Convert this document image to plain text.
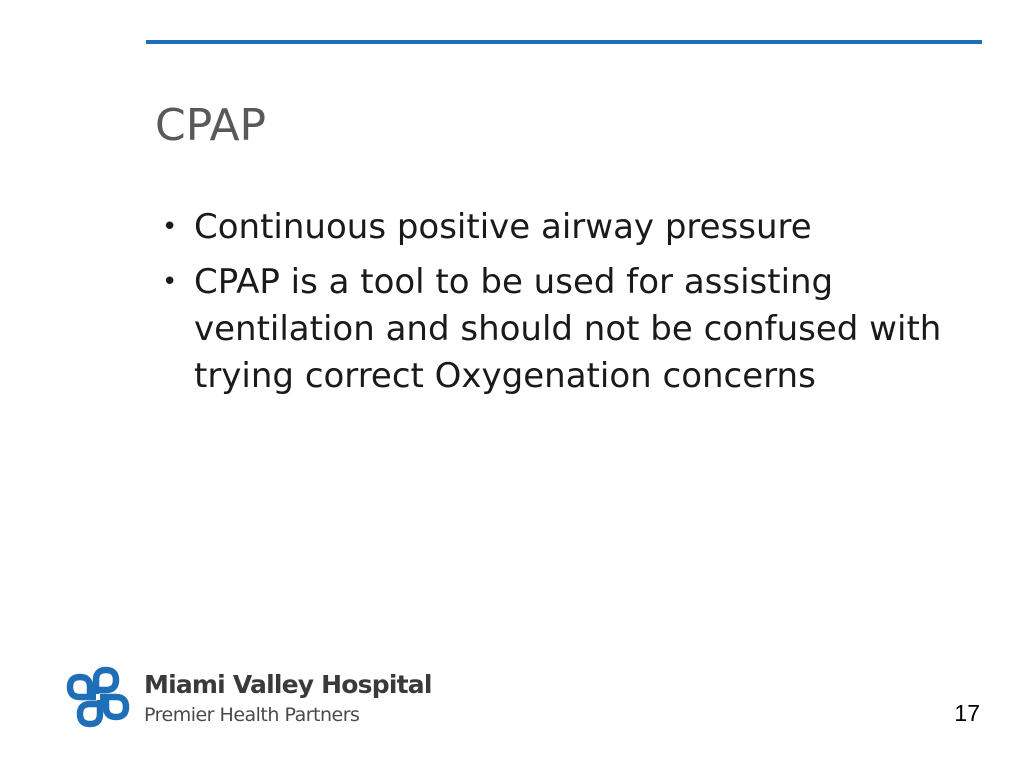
CPAP
• Continuous positive airway pressure
• CPAP is a tool to be used for assisting ventilation and should not be confused with trying correct Oxygenation concerns
Miami Valley Hospital
Premier Health Partners	17
